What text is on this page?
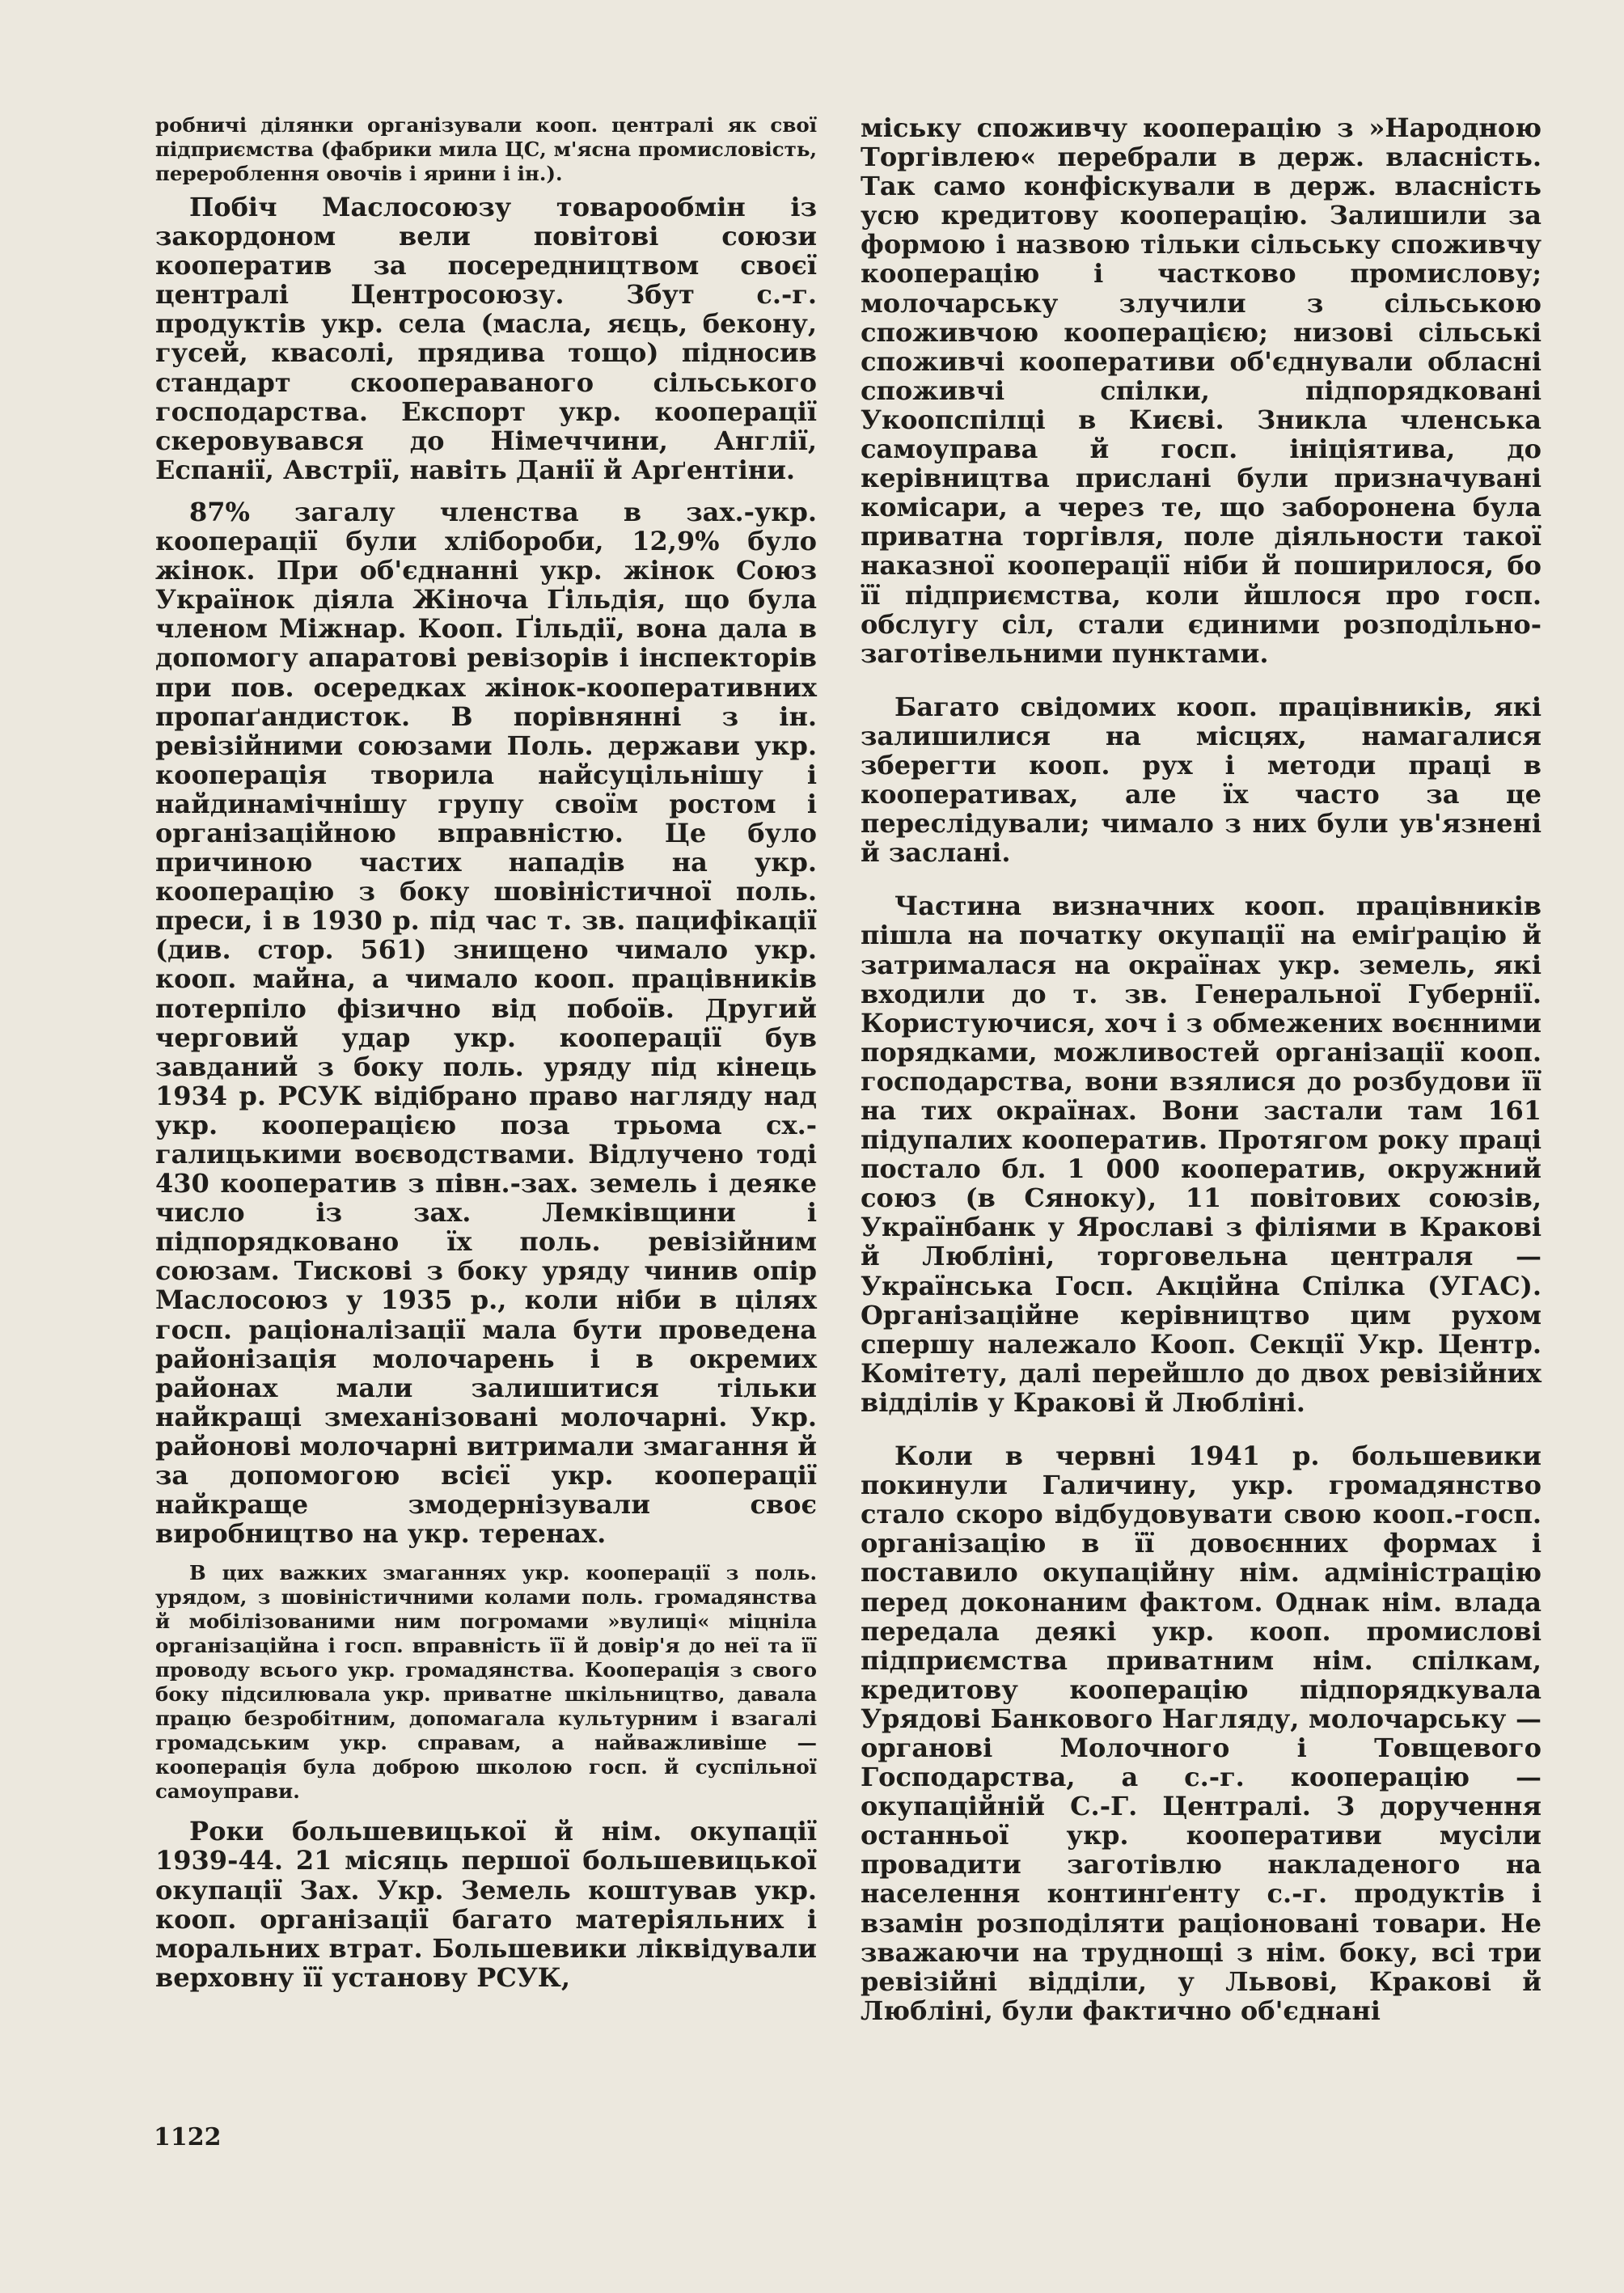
робничі ділянки організували кооп. централі як свої підприємства (фабрики мила ЦС, м'ясна промисловість, перероблення овочів і ярини і ін.).

Побіч Маслосоюзу товарообмін із закордоном вели повітові союзи кооператив за посередництвом своєї централі Центросоюзу. Збут с.-г. продуктів укр. села (масла, яєць, бекону, гусей, квасолі, прядива тощо) підносив стандарт скоопераваного сільського господарства. Експорт укр. кооперації скеровувався до Німеччини, Англії, Еспанії, Австрії, навіть Данії й Арґентіни.

87% загалу членства в зах.-укр. кооперації були хлібороби, 12,9% було жінок. При об'єднанні укр. жінок Союз Українок діяла Жіноча Ґільдія, що була членом Міжнар. Кооп. Ґільдії, вона дала в допомогу апаратові ревізорів і інспекторів при пов. осередках жінок-кооперативних пропаґандисток. В порівнянні з ін. ревізійними союзами Поль. держави укр. кооперація творила найсуцільнішу і найдинамічнішу групу своїм ростом і організаційною вправністю. Це було причиною частих нападів на укр. кооперацію з боку шовіністичної поль. преси, і в 1930 р. під час т. зв. пацифікації (див. стор. 561) знищено чимало укр. кооп. майна, а чимало кооп. працівників потерпіло фізично від побоїв. Другий черговий удар укр. кооперації був завданий з боку поль. уряду під кінець 1934 р. РСУК відібрано право нагляду над укр. кооперацією поза трьома сх.-галицькими воєводствами. Відлучено тоді 430 кооператив з півн.-зах. земель і деяке число із зах. Лемківщини і підпорядковано їх поль. ревізійним союзам. Тискові з боку уряду чинив опір Маслосоюз у 1935 р., коли ніби в цілях госп. раціоналізації мала бути проведена районізація молочарень і в окремих районах мали залишитися тільки найкращі змеханізовані молочарні. Укр. районові молочарні витримали змагання й за допомогою всієї укр. кооперації найкраще змодернізували своє виробництво на укр. теренах.

В цих важких змаганнях укр. кооперації з поль. урядом, з шовіністичними колами поль. громадянства й мобілізованими ним погромами »вулиці« міцніла організаційна і госп. вправність її й довір'я до неї та її проводу всього укр. громадянства. Кооперація з свого боку підсилювала укр. приватне шкільництво, давала працю безробітним, допомагала культурним і взагалі громадським укр. справам, а найважливіше — кооперація була доброю школою госп. й суспільної самоуправи.

Роки большевицької й нім. окупації 1939-44. 21 місяць першої большевицької окупації Зах. Укр. Земель коштував укр. кооп. організації багато матеріяльних і моральних втрат. Большевики ліквідували верховну її установу РСУК,

міську споживчу кооперацію з »Народною Торгівлею« перебрали в держ. власність. Так само конфіскували в держ. власність усю кредитову кооперацію. Залишили за формою і назвою тільки сільську споживчу кооперацію і частково промислову; молочарську злучили з сільською споживчою кооперацією; низові сільські споживчі кооперативи об'єднували обласні споживчі спілки, підпорядковані Укоопспілці в Києві. Зникла членська самоуправа й госп. ініціятива, до керівництва прислані були призначувані комісари, а через те, що заборонена була приватна торгівля, поле діяльности такої наказної кооперації ніби й поширилося, бо її підприємства, коли йшлося про госп. обслугу сіл, стали єдиними розподільно-заготівельними пунктами.

Багато свідомих кооп. працівників, які залишилися на місцях, намагалися зберегти кооп. рух і методи праці в кооперативах, але їх часто за це переслідували; чимало з них були ув'язнені й заслані.

Частина визначних кооп. працівників пішла на початку окупації на еміґрацію й затрималася на окраїнах укр. земель, які входили до т. зв. Генеральної Губернії. Користуючися, хоч і з обмежених воєнними порядками, можливостей організації кооп. господарства, вони взялися до розбудови її на тих окраїнах. Вони застали там 161 підупалих кооператив. Протягом року праці постало бл. 1 000 кооператив, окружний союз (в Сяноку), 11 повітових союзів, Українбанк у Ярославі з філіями в Кракові й Любліні, торговельна централя — Українська Госп. Акційна Спілка (УГАС). Організаційне керівництво цим рухом спершу належало Кооп. Секції Укр. Центр. Комітету, далі перейшло до двох ревізійних відділів у Кракові й Любліні.

Коли в червні 1941 р. большевики покинули Галичину, укр. громадянство стало скоро відбудовувати свою кооп.-госп. організацію в її довоєнних формах і поставило окупаційну нім. адміністрацію перед доконаним фактом. Однак нім. влада передала деякі укр. кооп. промислові підприємства приватним нім. спілкам, кредитову кооперацію підпорядкувала Урядові Банкового Нагляду, молочарську — органові Молочного і Товщевого Господарства, а с.-г. кооперацію — окупаційній С.-Г. Централі. З доручення останньої укр. кооперативи мусіли провадити заготівлю накладеного на населення континґенту с.-г. продуктів і взамін розподіляти раціоновані товари. Не зважаючи на труднощі з нім. боку, всі три ревізійні відділи, у Львові, Кракові й Любліні, були фактично об'єднані

1122
